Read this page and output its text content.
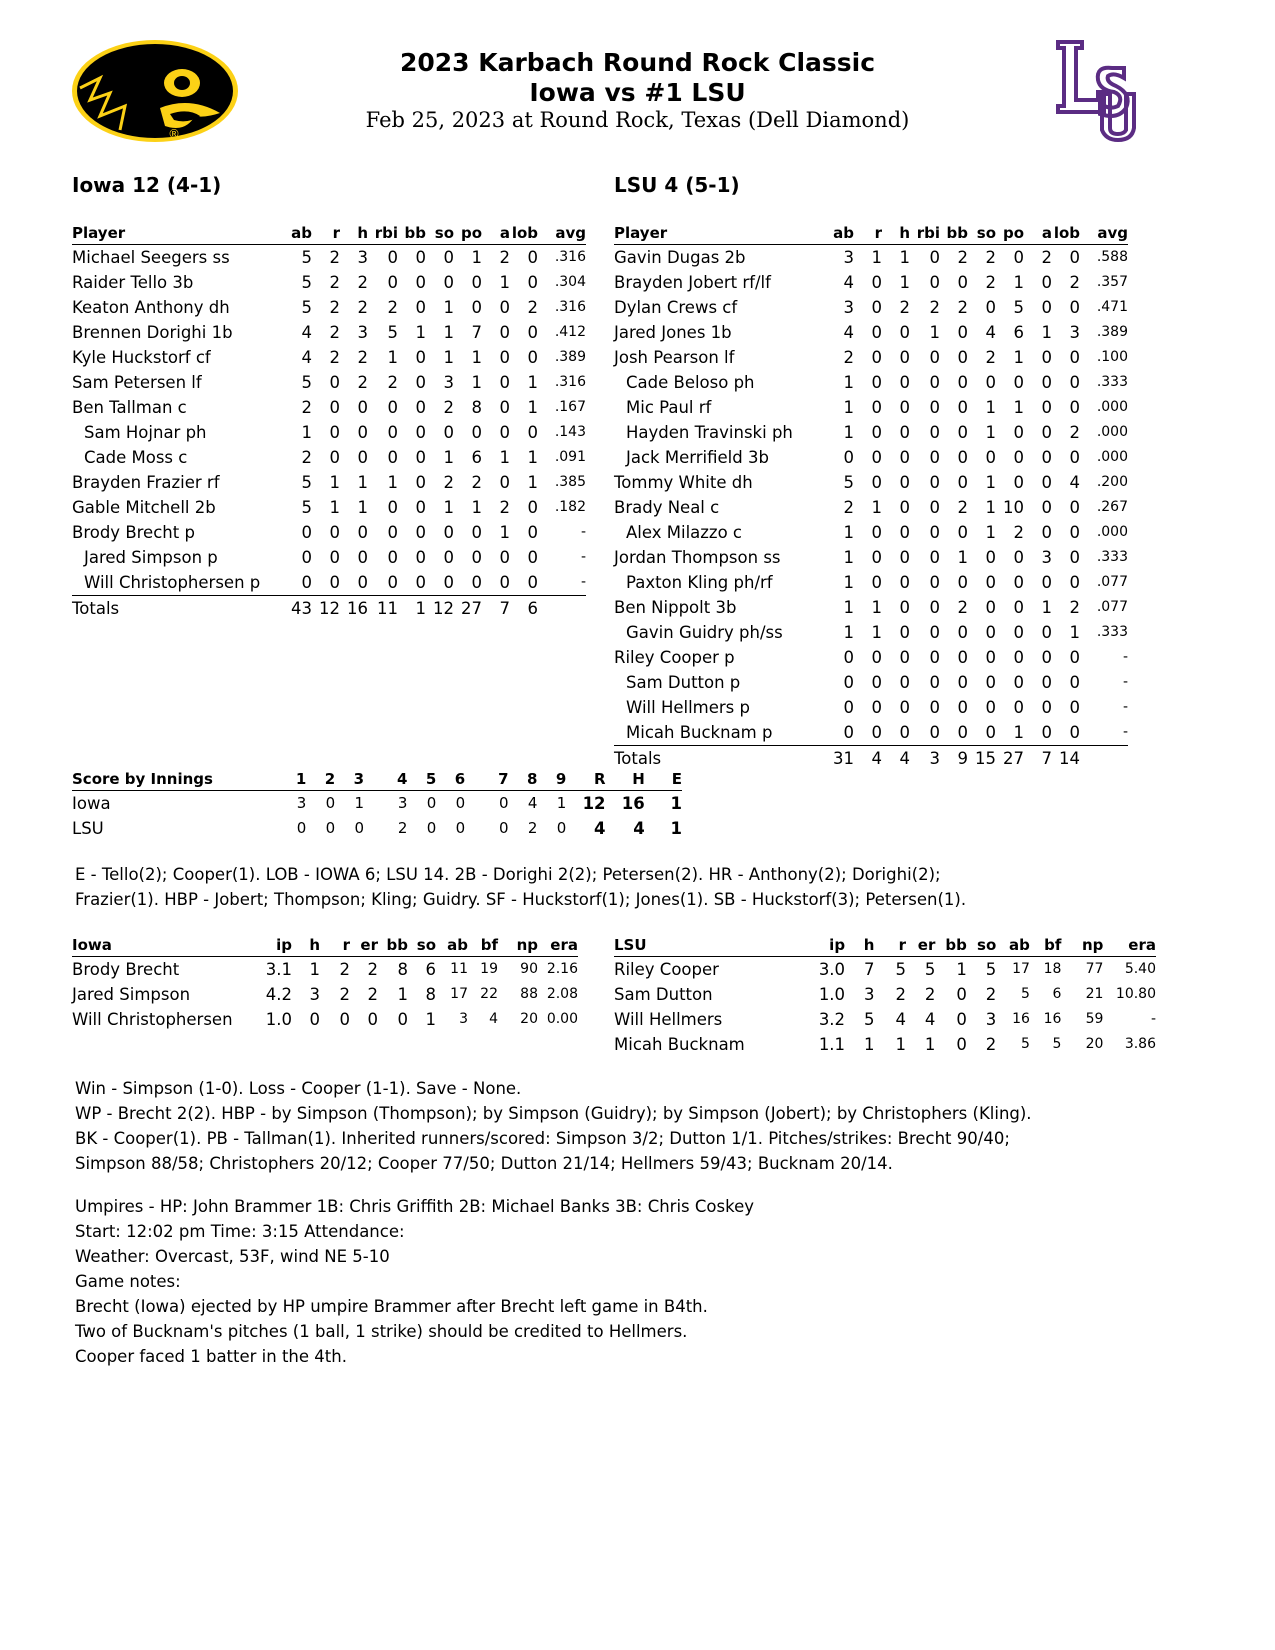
®
2023 Karbach Round Rock Classic
Iowa vs #1 LSU
Feb 25, 2023 at Round Rock, Texas (Dell Diamond)
Iowa 12 (4-1)	LSU 4 (5-1)
Player	ab	r	h	rbi	bb	so	po	a	lob	avg
Michael Seegers ss	5	2	3	0	0	0	1	2	0	.316
Raider Tello 3b	5	2	2	0	0	0	0	1	0	.304
Keaton Anthony dh	5	2	2	2	0	1	0	0	2	.316
Brennen Dorighi 1b	4	2	3	5	1	1	7	0	0	.412
Kyle Huckstorf cf	4	2	2	1	0	1	1	0	0	.389
Sam Petersen lf	5	0	2	2	0	3	1	0	1	.316
Ben Tallman c	2	0	0	0	0	2	8	0	1	.167
Sam Hojnar ph	1	0	0	0	0	0	0	0	0	.143
Cade Moss c	2	0	0	0	0	1	6	1	1	.091
Brayden Frazier rf	5	1	1	1	0	2	2	0	1	.385
Gable Mitchell 2b	5	1	1	0	0	1	1	2	0	.182
Brody Brecht p	0	0	0	0	0	0	0	1	0	-
Jared Simpson p	0	0	0	0	0	0	0	0	0	-
Will Christophersen p	0	0	0	0	0	0	0	0	0	-
Totals	43	12	16	11	1	12	27	7	6	
Player	ab	r	h	rbi	bb	so	po	a	lob	avg
Gavin Dugas 2b	3	1	1	0	2	2	0	2	0	.588
Brayden Jobert rf/lf	4	0	1	0	0	2	1	0	2	.357
Dylan Crews cf	3	0	2	2	2	0	5	0	0	.471
Jared Jones 1b	4	0	0	1	0	4	6	1	3	.389
Josh Pearson lf	2	0	0	0	0	2	1	0	0	.100
Cade Beloso ph	1	0	0	0	0	0	0	0	0	.333
Mic Paul rf	1	0	0	0	0	1	1	0	0	.000
Hayden Travinski ph	1	0	0	0	0	1	0	0	2	.000
Jack Merrifield 3b	0	0	0	0	0	0	0	0	0	.000
Tommy White dh	5	0	0	0	0	1	0	0	4	.200
Brady Neal c	2	1	0	0	2	1	10	0	0	.267
Alex Milazzo c	1	0	0	0	0	1	2	0	0	.000
Jordan Thompson ss	1	0	0	0	1	0	0	3	0	.333
Paxton Kling ph/rf	1	0	0	0	0	0	0	0	0	.077
Ben Nippolt 3b	1	1	0	0	2	0	0	1	2	.077
Gavin Guidry ph/ss	1	1	0	0	0	0	0	0	1	.333
Riley Cooper p	0	0	0	0	0	0	0	0	0	-
Sam Dutton p	0	0	0	0	0	0	0	0	0	-
Will Hellmers p	0	0	0	0	0	0	0	0	0	-
Micah Bucknam p	0	0	0	0	0	0	1	0	0	-
Totals	31	4	4	3	9	15	27	7	14	
Score by Innings	1	2	3	4	5	6	7	8	9	R	H	E
Iowa	3	0	1	3	0	0	0	4	1	12	16	1
LSU	0	0	0	2	0	0	0	2	0	4	4	1
E - Tello(2); Cooper(1). LOB - IOWA 6; LSU 14. 2B - Dorighi 2(2); Petersen(2). HR - Anthony(2); Dorighi(2);
Frazier(1). HBP - Jobert; Thompson; Kling; Guidry. SF - Huckstorf(1); Jones(1). SB - Huckstorf(3); Petersen(1).
Iowa	ip	h	r	er	bb	so	ab	bf	np	era
Brody Brecht	3.1	1	2	2	8	6	11	19	90	2.16
Jared Simpson	4.2	3	2	2	1	8	17	22	88	2.08
Will Christophersen	1.0	0	0	0	0	1	3	4	20	0.00
LSU	ip	h	r	er	bb	so	ab	bf	np	era
Riley Cooper	3.0	7	5	5	1	5	17	18	77	5.40
Sam Dutton	1.0	3	2	2	0	2	5	6	21	10.80
Will Hellmers	3.2	5	4	4	0	3	16	16	59	-
Micah Bucknam	1.1	1	1	1	0	2	5	5	20	3.86
Win - Simpson (1-0). Loss - Cooper (1-1). Save - None.
WP - Brecht 2(2). HBP - by Simpson (Thompson); by Simpson (Guidry); by Simpson (Jobert); by Christophers (Kling).
BK - Cooper(1). PB - Tallman(1). Inherited runners/scored: Simpson 3/2; Dutton 1/1. Pitches/strikes: Brecht 90/40;
Simpson 88/58; Christophers 20/12; Cooper 77/50; Dutton 21/14; Hellmers 59/43; Bucknam 20/14.
Umpires - HP: John Brammer 1B: Chris Griffith 2B: Michael Banks 3B: Chris Coskey
Start: 12:02 pm Time: 3:15 Attendance:
Weather: Overcast, 53F, wind NE 5-10
Game notes:
Brecht (Iowa) ejected by HP umpire Brammer after Brecht left game in B4th.
Two of Bucknam's pitches (1 ball, 1 strike) should be credited to Hellmers.
Cooper faced 1 batter in the 4th.
